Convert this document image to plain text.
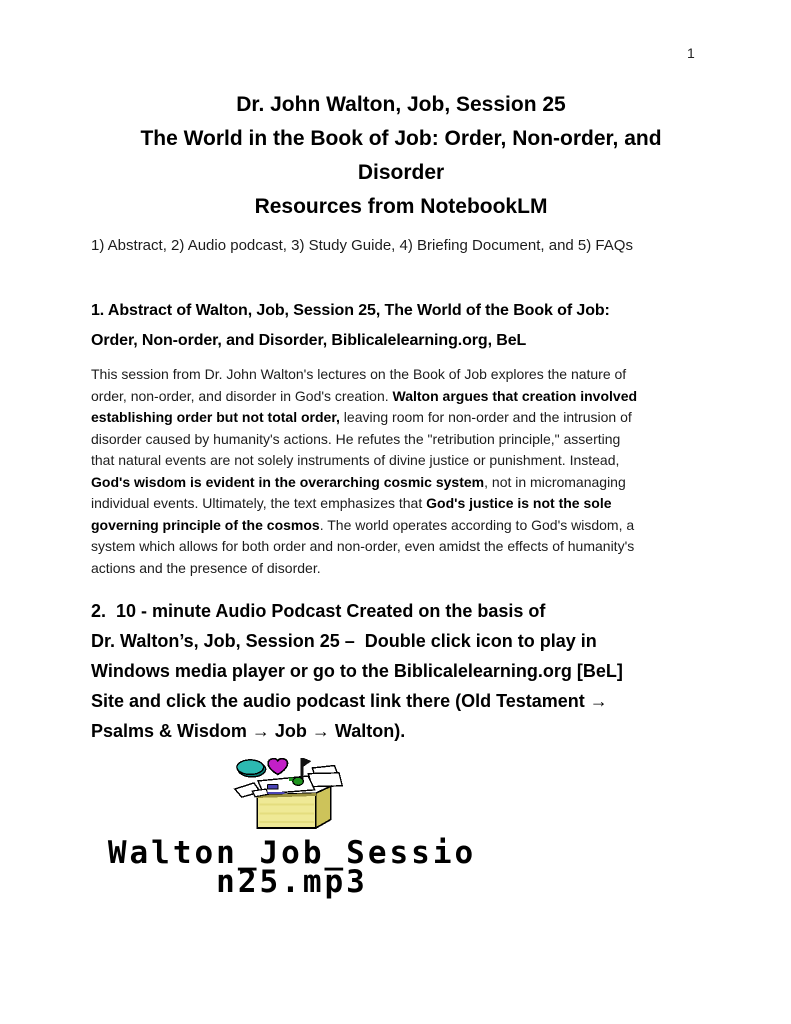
1
Dr. John Walton, Job, Session 25
The World in the Book of Job: Order, Non-order, and
Disorder
Resources from NotebookLM

1) Abstract, 2) Audio podcast, 3) Study Guide, 4) Briefing Document, and 5) FAQs

1. Abstract of Walton, Job, Session 25, The World of the Book of Job:
Order, Non-order, and Disorder, Biblicalelearning.org, BeL
This session from Dr. John Walton's lectures on the Book of Job explores the nature of
order, non-order, and disorder in God's creation. Walton argues that creation involved
establishing order but not total order, leaving room for non-order and the intrusion of
disorder caused by humanity's actions. He refutes the "retribution principle," asserting
that natural events are not solely instruments of divine justice or punishment. Instead,
God's wisdom is evident in the overarching cosmic system, not in micromanaging
individual events. Ultimately, the text emphasizes that God's justice is not the sole
governing principle of the cosmos. The world operates according to God's wisdom, a
system which allows for both order and non-order, even amidst the effects of humanity's
actions and the presence of disorder.
2.  10 - minute Audio Podcast Created on the basis of
Dr. Walton’s, Job, Session 25 –  Double click icon to play in
Windows media player or go to the Biblicalelearning.org [BeL]
Site and click the audio podcast link there (Old Testament →
Psalms & Wisdom → Job → Walton).
Walton_Job_Sessio
n25.mp3
